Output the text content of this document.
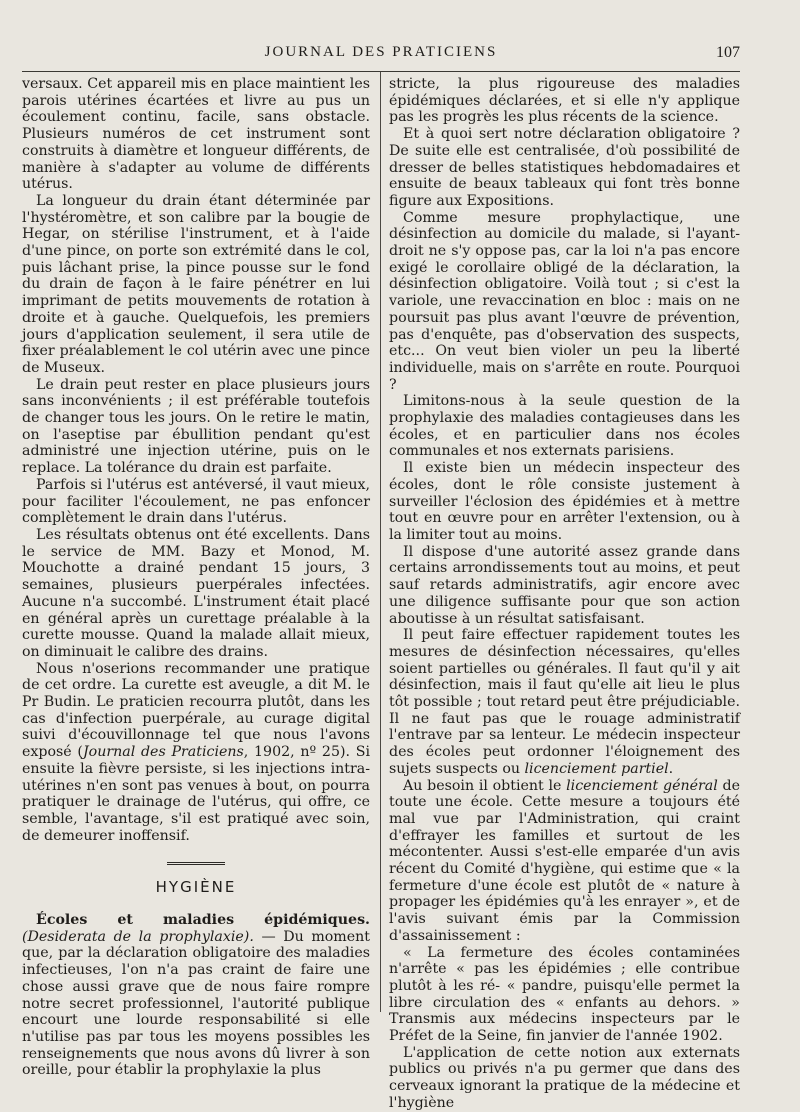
JOURNAL DES PRATICIENS	107

versaux. Cet appareil mis en place maintient les parois utérines écartées et livre au pus un écoulement continu, facile, sans obstacle. Plusieurs numéros de cet instrument sont construits à diamètre et longueur différents, de manière à s'adapter au volume de différents utérus.

La longueur du drain étant déterminée par l'hystéromètre, et son calibre par la bougie de Hegar, on stérilise l'instrument, et à l'aide d'une pince, on porte son extrémité dans le col, puis lâchant prise, la pince pousse sur le fond du drain de façon à le faire pénétrer en lui imprimant de petits mouvements de rotation à droite et à gauche. Quelquefois, les premiers jours d'application seulement, il sera utile de fixer préalablement le col utérin avec une pince de Museux.

Le drain peut rester en place plusieurs jours sans inconvénients ; il est préférable toutefois de changer tous les jours. On le retire le matin, on l'aseptise par ébullition pendant qu'est administré une injection utérine, puis on le replace. La tolérance du drain est parfaite.

Parfois si l'utérus est antéversé, il vaut mieux, pour faciliter l'écoulement, ne pas enfoncer complètement le drain dans l'utérus.

Les résultats obtenus ont été excellents. Dans le service de MM. Bazy et Monod, M. Mouchotte a drainé pendant 15 jours, 3 semaines, plusieurs puerpérales infectées. Aucune n'a succombé. L'instrument était placé en général après un curettage préalable à la curette mousse. Quand la malade allait mieux, on diminuait le calibre des drains.

Nous n'oserions recommander une pratique de cet ordre. La curette est aveugle, a dit M. le Pr Budin. Le praticien recourra plutôt, dans les cas d'infection puerpérale, au curage digital suivi d'écouvillonnage tel que nous l'avons exposé (Journal des Praticiens, 1902, nº 25). Si ensuite la fièvre persiste, si les injections intra-utérines n'en sont pas venues à bout, on pourra pratiquer le drainage de l'utérus, qui offre, ce semble, l'avantage, s'il est pratiqué avec soin, de demeurer inoffensif.

HYGIÈNE

Écoles et maladies épidémiques. (Desiderata de la prophylaxie). — Du moment que, par la déclaration obligatoire des maladies infectieuses, l'on n'a pas craint de faire une chose aussi grave que de nous faire rompre notre secret professionnel, l'autorité publique encourt une lourde responsabilité si elle n'utilise pas par tous les moyens possibles les renseignements que nous avons dû livrer à son oreille, pour établir la prophylaxie la plus

stricte, la plus rigoureuse des maladies épidémiques déclarées, et si elle n'y applique pas les progrès les plus récents de la science.

Et à quoi sert notre déclaration obligatoire ? De suite elle est centralisée, d'où possibilité de dresser de belles statistiques hebdomadaires et ensuite de beaux tableaux qui font très bonne figure aux Expositions.

Comme mesure prophylactique, une désinfection au domicile du malade, si l'ayant-droit ne s'y oppose pas, car la loi n'a pas encore exigé le corollaire obligé de la déclaration, la désinfection obligatoire. Voilà tout ; si c'est la variole, une revaccination en bloc : mais on ne poursuit pas plus avant l'œuvre de prévention, pas d'enquête, pas d'observation des suspects, etc... On veut bien violer un peu la liberté individuelle, mais on s'arrête en route. Pourquoi ?

Limitons-nous à la seule question de la prophylaxie des maladies contagieuses dans les écoles, et en particulier dans nos écoles communales et nos externats parisiens.

Il existe bien un médecin inspecteur des écoles, dont le rôle consiste justement à surveiller l'éclosion des épidémies et à mettre tout en œuvre pour en arrêter l'extension, ou à la limiter tout au moins.

Il dispose d'une autorité assez grande dans certains arrondissements tout au moins, et peut sauf retards administratifs, agir encore avec une diligence suffisante pour que son action aboutisse à un résultat satisfaisant.

Il peut faire effectuer rapidement toutes les mesures de désinfection nécessaires, qu'elles soient partielles ou générales. Il faut qu'il y ait désinfection, mais il faut qu'elle ait lieu le plus tôt possible ; tout retard peut être préjudiciable. Il ne faut pas que le rouage administratif l'entrave par sa lenteur. Le médecin inspecteur des écoles peut ordonner l'éloignement des sujets suspects ou licenciement partiel.

Au besoin il obtient le licenciement général de toute une école. Cette mesure a toujours été mal vue par l'Administration, qui craint d'effrayer les familles et surtout de les mécontenter. Aussi s'est-elle emparée d'un avis récent du Comité d'hygiène, qui estime que « la fermeture d'une école est plutôt de « nature à propager les épidémies qu'à les enrayer », et de l'avis suivant émis par la Commission d'assainissement :

« La fermeture des écoles contaminées n'arrête « pas les épidémies ; elle contribue plutôt à les ré- « pandre, puisqu'elle permet la libre circulation des « enfants au dehors. » Transmis aux médecins inspecteurs par le Préfet de la Seine, fin janvier de l'année 1902.

L'application de cette notion aux externats publics ou privés n'a pu germer que dans des cerveaux ignorant la pratique de la médecine et l'hygiène
